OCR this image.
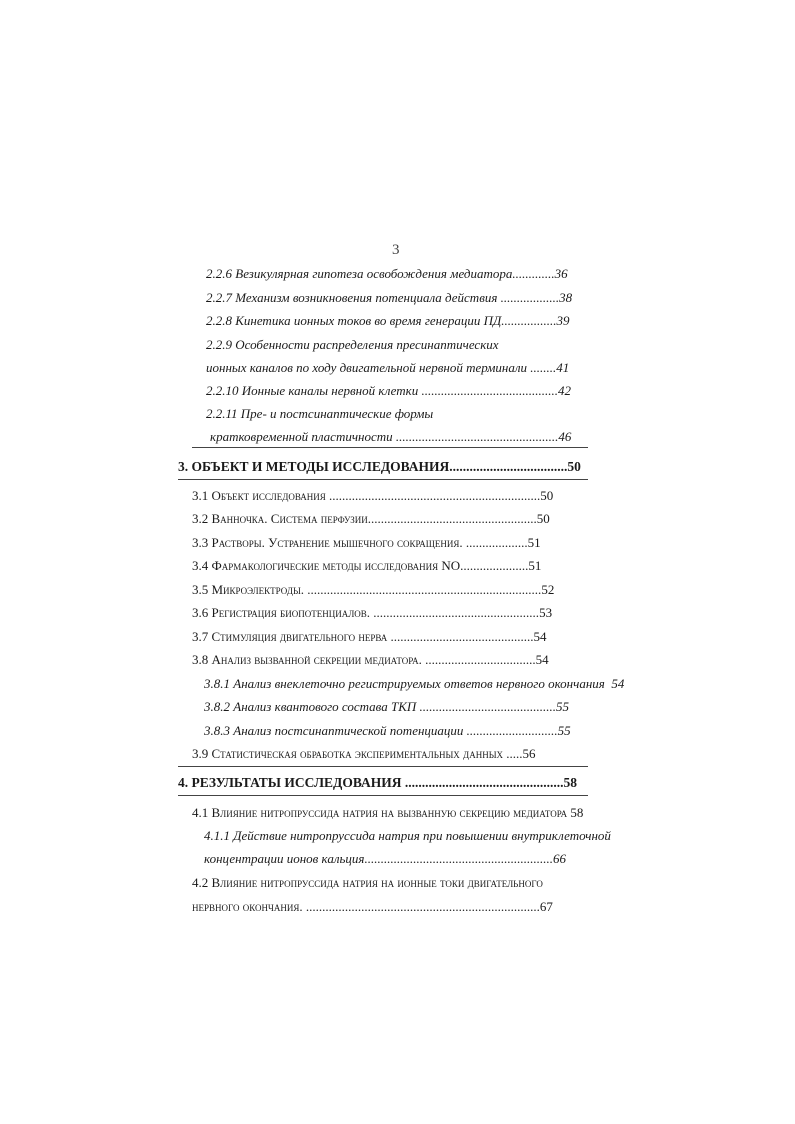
3
2.2.6 Везикулярная гипотеза освобождения медиатора.............36
2.2.7 Механизм возникновения потенциала действия ..................38
2.2.8 Кинетика ионных токов во время генерации ПД.................39
2.2.9 Особенности распределения пресинаптических
ионных каналов по ходу двигательной нервной терминали ........41
2.2.10 Ионные каналы нервной клетки ..........................................42
2.2.11 Пре- и постсинаптические формы
кратковременной пластичности ..................................................46
3. ОБЪЕКТ И МЕТОДЫ ИССЛЕДОВАНИЯ...................................50
3.1 Объект исследования .................................................................50
3.2 Ванночка. Система перфузии....................................................50
3.3 Растворы. Устранение мышечного сокращения. ...................51
3.4 Фармакологические методы исследования NO.....................51
3.5 Микроэлектроды. ........................................................................52
3.6 Регистрация биопотенциалов. ...................................................53
3.7 Стимуляция двигательного нерва ............................................54
3.8 Анализ вызванной секреции медиатора. ..................................54
3.8.1 Анализ внеклеточно регистрируемых ответов нервного окончания 54
3.8.2 Анализ квантового состава ТКП ..........................................55
3.8.3 Анализ постсинаптической потенциации ............................55
3.9 Статистическая обработка экспериментальных данных .....56
4. РЕЗУЛЬТАТЫ ИССЛЕДОВАНИЯ ...............................................58
4.1 Влияние нитропруссида натрия на вызванную секрецию медиатора 58
4.1.1 Действие нитропруссида натрия при повышении внутриклеточной
концентрации ионов кальция..........................................................66
4.2 Влияние нитропруссида натрия на ионные токи двигательного
нервного окончания. ........................................................................67
